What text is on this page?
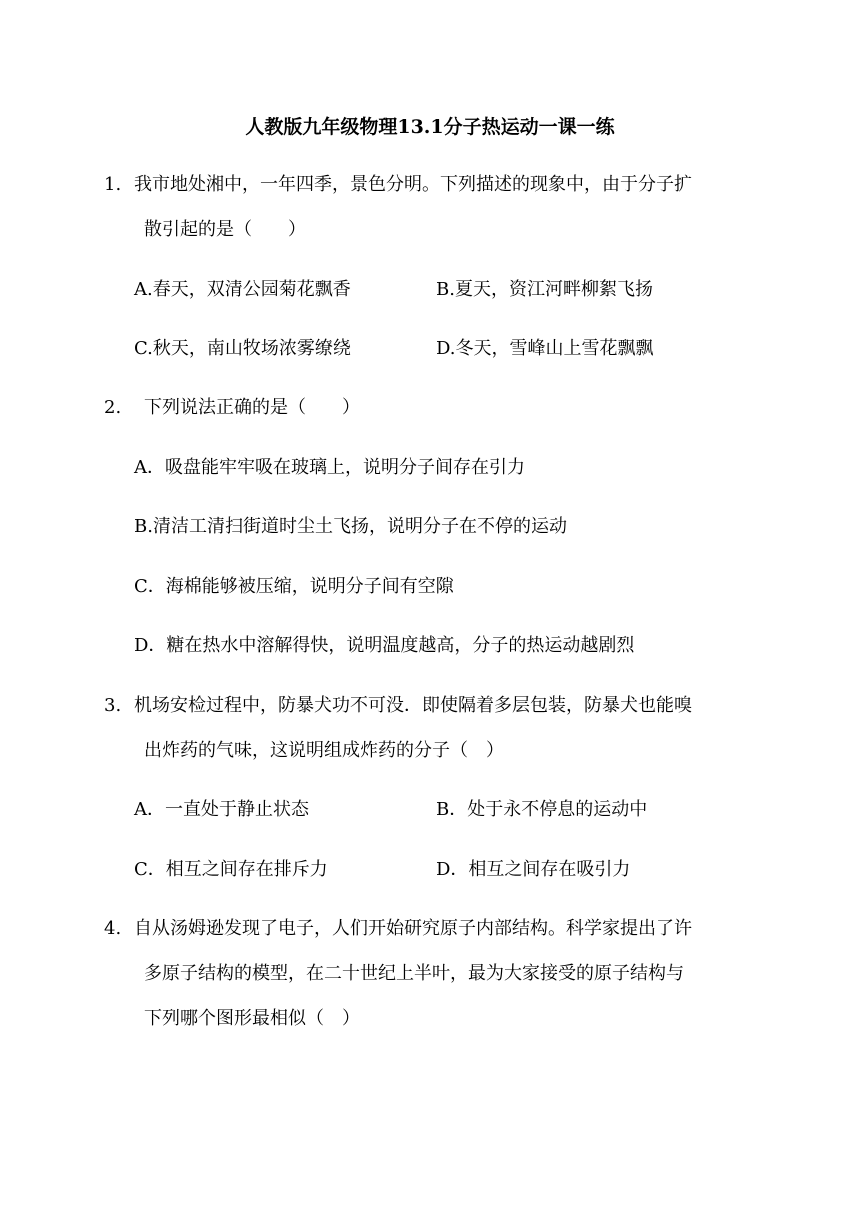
人教版九年级物理13.1分子热运动一课一练
1. 我市地处湘中，一年四季，景色分明。下列描述的现象中，由于分子扩
散引起的是（　　）
A.春天，双清公园菊花飘香	B.夏天，资江河畔柳絮飞扬
C.秋天，南山牧场浓雾缭绕	D.冬天，雪峰山上雪花飘飘
2. 下列说法正确的是（　　）
A．吸盘能牢牢吸在玻璃上，说明分子间存在引力
B.清洁工清扫街道时尘土飞扬，说明分子在不停的运动
C．海棉能够被压缩，说明分子间有空隙
D．糖在热水中溶解得快，说明温度越高，分子的热运动越剧烈
3. 机场安检过程中，防暴犬功不可没．即使隔着多层包装，防暴犬也能嗅
出炸药的气味，这说明组成炸药的分子（　）
A．一直处于静止状态	B．处于永不停息的运动中
C．相互之间存在排斥力	D．相互之间存在吸引力
4. 自从汤姆逊发现了电子，人们开始研究原子内部结构。科学家提出了许
多原子结构的模型，在二十世纪上半叶，最为大家接受的原子结构与
下列哪个图形最相似（　）
